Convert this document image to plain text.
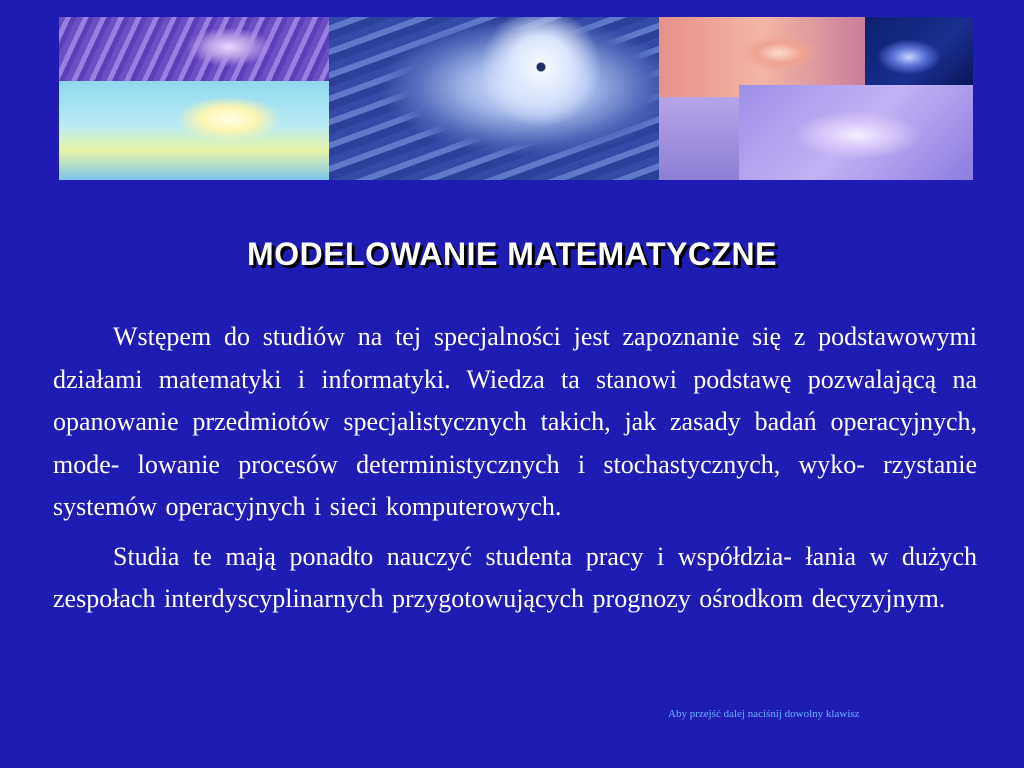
MODELOWANIE MATEMATYCZNE

Wstępem do studiów na tej specjalności jest zapoznanie się z podstawowymi działami matematyki i informatyki. Wiedza ta stanowi podstawę pozwalającą na opanowanie przedmiotów specjalistycznych takich, jak zasady badań operacyjnych, mode- lowanie procesów deterministycznych i stochastycznych, wyko- rzystanie systemów operacyjnych i sieci komputerowych.

Studia te mają ponadto nauczyć studenta pracy i współdzia- łania w dużych zespołach interdyscyplinarnych przygotowujących prognozy ośrodkom decyzyjnym.

Aby przejść dalej naciśnij dowolny klawisz
